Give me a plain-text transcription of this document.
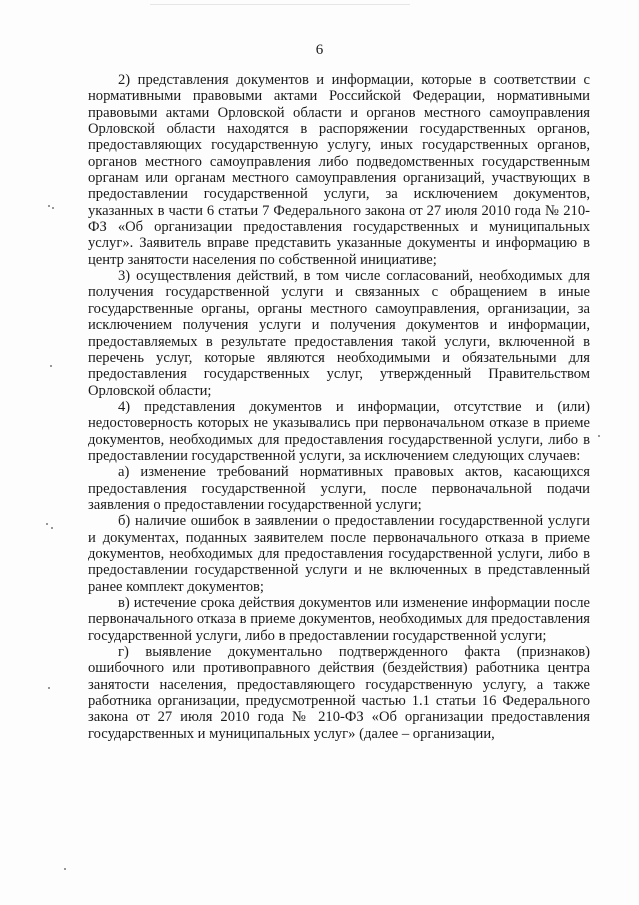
6

2) представления документов и информации, которые в соответствии с нормативными правовыми актами Российской Федерации, нормативными правовыми актами Орловской области и органов местного самоуправления Орловской области находятся в распоряжении государственных органов, предоставляющих государственную услугу, иных государственных органов, органов местного самоуправления либо подведомственных государственным органам или органам местного самоуправления организаций, участвующих в предоставлении государственной услуги, за исключением документов, указанных в части 6 статьи 7 Федерального закона от 27 июля 2010 года № 210-ФЗ «Об организации предоставления государственных и муниципальных услуг». Заявитель вправе представить указанные документы и информацию в центр занятости населения по собственной инициативе;

3) осуществления действий, в том числе согласований, необходимых для получения государственной услуги и связанных с обращением в иные государственные органы, органы местного самоуправления, организации, за исключением получения услуги и получения документов и информации, предоставляемых в результате предоставления такой услуги, включенной в перечень услуг, которые являются необходимыми и обязательными для предоставления государственных услуг, утвержденный Правительством Орловской области;

4) представления документов и информации, отсутствие и (или) недостоверность которых не указывались при первоначальном отказе в приеме документов, необходимых для предоставления государственной услуги, либо в предоставлении государственной услуги, за исключением следующих случаев:

а) изменение требований нормативных правовых актов, касающихся предоставления государственной услуги, после первоначальной подачи заявления о предоставлении государственной услуги;

б) наличие ошибок в заявлении о предоставлении государственной услуги и документах, поданных заявителем после первоначального отказа в приеме документов, необходимых для предоставления государственной услуги, либо в предоставлении государственной услуги и не включенных в представленный ранее комплект документов;

в) истечение срока действия документов или изменение информации после первоначального отказа в приеме документов, необходимых для предоставления государственной услуги, либо в предоставлении государственной услуги;

г) выявление документально подтвержденного факта (признаков) ошибочного или противоправного действия (бездействия) работника центра занятости населения, предоставляющего государственную услугу, а также работника организации, предусмотренной частью 1.1 статьи 16 Федерального закона от 27 июля 2010 года № 210-ФЗ «Об организации предоставления государственных и муниципальных услуг» (далее – организации,
